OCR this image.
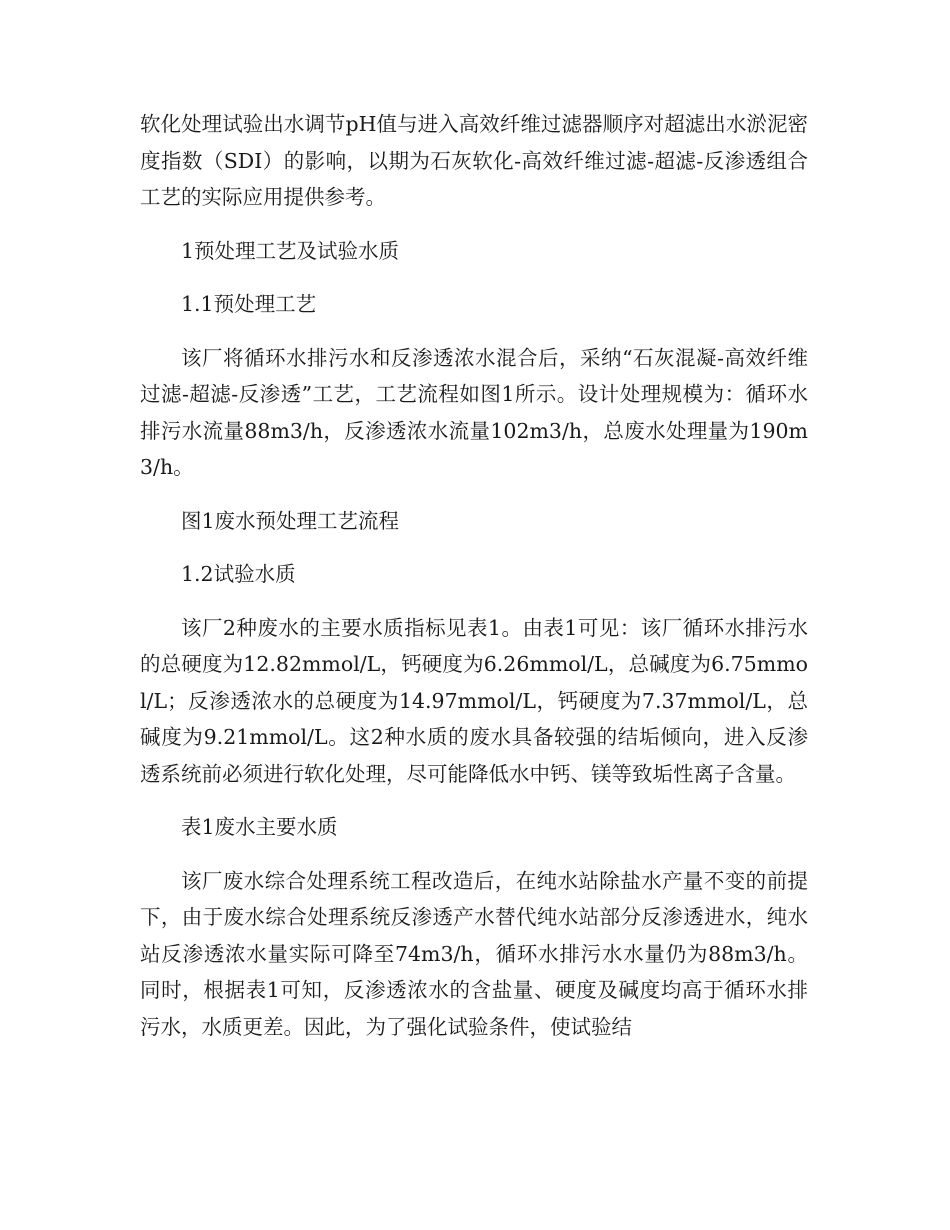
软化处理试验出水调节pH值与进入高效纤维过滤器顺序对超滤出水淤泥密度指数（SDI）的影响，以期为石灰软化-高效纤维过滤-超滤-反渗透组合工艺的实际应用提供参考。

1预处理工艺及试验水质

1.1预处理工艺

该厂将循环水排污水和反渗透浓水混合后，采纳“石灰混凝-高效纤维过滤-超滤-反渗透”工艺，工艺流程如图1所示。设计处理规模为：循环水排污水流量88m3/h，反渗透浓水流量102m3/h，总废水处理量为190m3/h。

图1废水预处理工艺流程

1.2试验水质

该厂2种废水的主要水质指标见表1。由表1可见：该厂循环水排污水的总硬度为12.82mmol/L，钙硬度为6.26mmol/L，总碱度为6.75mmol/L；反渗透浓水的总硬度为14.97mmol/L，钙硬度为7.37mmol/L，总碱度为9.21mmol/L。这2种水质的废水具备较强的结垢倾向，进入反渗透系统前必须进行软化处理，尽可能降低水中钙、镁等致垢性离子含量。

表1废水主要水质

该厂废水综合处理系统工程改造后，在纯水站除盐水产量不变的前提下，由于废水综合处理系统反渗透产水替代纯水站部分反渗透进水，纯水站反渗透浓水量实际可降至74m3/h，循环水排污水水量仍为88m3/h。同时，根据表1可知，反渗透浓水的含盐量、硬度及碱度均高于循环水排污水，水质更差。因此，为了强化试验条件，使试验结
